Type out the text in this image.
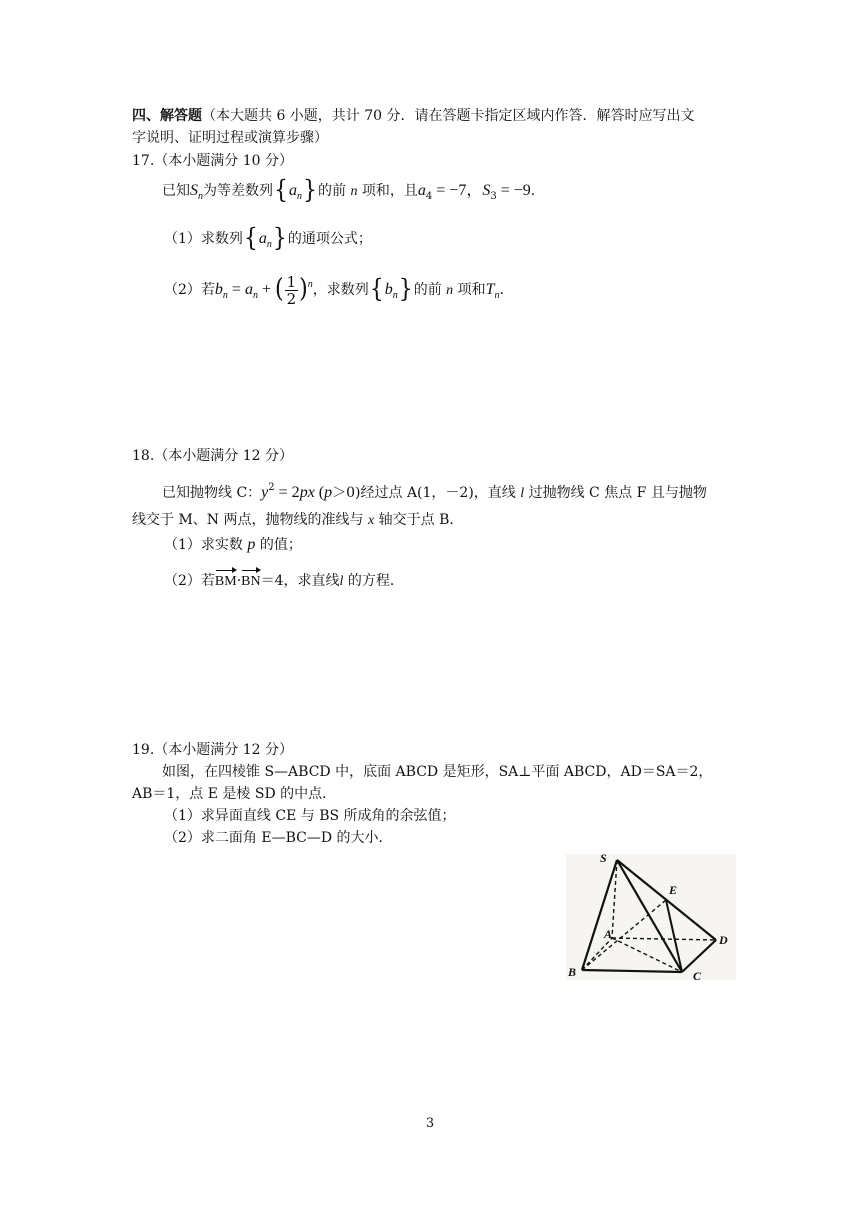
四、解答题（本大题共 6 小题，共计 70 分．请在答题卡指定区域内作答．解答时应写出文
字说明、证明过程或演算步骤）
17.（本小题满分 10 分）
已知$S_n$为等差数列$\{a_n\}$的前 n 项和，且$a_4 = -7$，$S_3 = -9$．
（1）求数列$\{a_n\}$的通项公式；
（2）若$b_n = a_n$ + ( $\frac{1}{2} )^n$，求数列$\{b_n\}$的前 n 项和$T_n$．
18.（本小题满分 12 分）
已知抛物线 C：$y^2 = 2px$ (p＞0)经过点 A(1，－2)，直线 l 过抛物线 C 焦点 F 且与抛物
线交于 M、N 两点，抛物线的准线与 x 轴交于点 B．
（1）求实数 p 的值；
（2）若BM·BN＝4，求直线l 的方程．
19.（本小题满分 12 分）
如图，在四棱锥 S—ABCD 中，底面 ABCD 是矩形，SA⊥平面 ABCD，AD＝SA＝2，
AB＝1，点 E 是棱 SD 的中点．
（1）求异面直线 CE 与 BS 所成角的余弦值；
（2）求二面角 E—BC—D 的大小．
S
A
B	C
D
E
3
